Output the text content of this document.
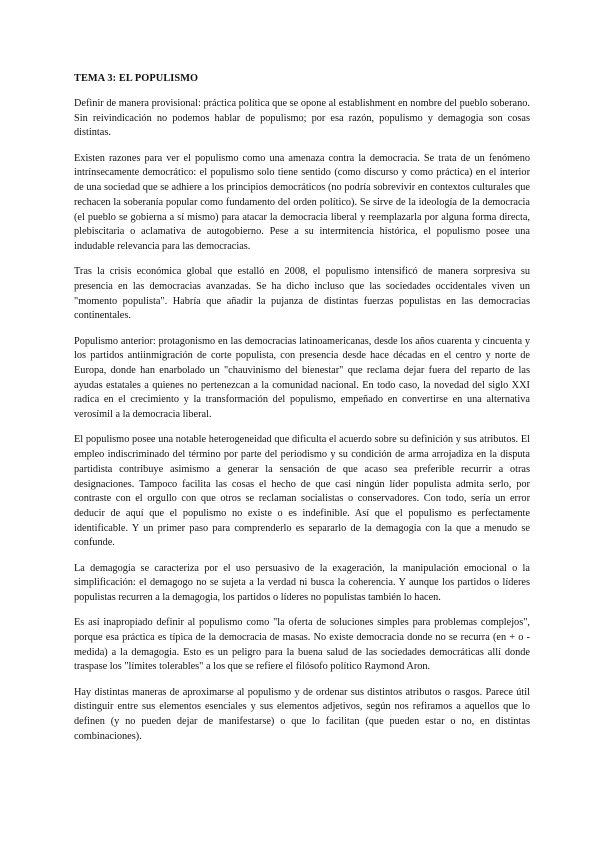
TEMA 3: EL POPULISMO

Definir de manera provisional: práctica política que se opone al establishment en nombre del pueblo soberano. Sin reivindicación no podemos hablar de populismo; por esa razón, populismo y demagogia son cosas distintas.

Existen razones para ver el populismo como una amenaza contra la democracia. Se trata de un fenómeno intrínsecamente democrático: el populismo solo tiene sentido (como discurso y como práctica) en el interior de una sociedad que se adhiere a los principios democráticos (no podría sobrevivir en contextos culturales que rechacen la soberanía popular como fundamento del orden político). Se sirve de la ideología de la democracia (el pueblo se gobierna a sí mismo) para atacar la democracia liberal y reemplazarla por alguna forma directa, plebiscitaria o aclamativa de autogobierno. Pese a su intermitencia histórica, el populismo posee una indudable relevancia para las democracias.

Tras la crisis económica global que estalló en 2008, el populismo intensificó de manera sorpresiva su presencia en las democracias avanzadas. Se ha dicho incluso que las sociedades occidentales viven un "momento populista". Habría que añadir la pujanza de distintas fuerzas populistas en las democracias continentales.

Populismo anterior: protagonismo en las democracias latinoamericanas, desde los años cuarenta y cincuenta y los partidos antiinmigración de corte populista, con presencia desde hace décadas en el centro y norte de Europa, donde han enarbolado un "chauvinismo del bienestar" que reclama dejar fuera del reparto de las ayudas estatales a quienes no pertenezcan a la comunidad nacional. En todo caso, la novedad del siglo XXI radica en el crecimiento y la transformación del populismo, empeñado en convertirse en una alternativa verosímil a la democracia liberal.

El populismo posee una notable heterogeneidad que dificulta el acuerdo sobre su definición y sus atributos. El empleo indiscriminado del término por parte del periodismo y su condición de arma arrojadiza en la disputa partidista contribuye asimismo a generar la sensación de que acaso sea preferible recurrir a otras designaciones. Tampoco facilita las cosas el hecho de que casi ningún líder populista admita serlo, por contraste con el orgullo con que otros se reclaman socialistas o conservadores. Con todo, sería un error deducir de aquí que el populismo no existe o es indefinible. Así que el populismo es perfectamente identificable. Y un primer paso para comprenderlo es separarlo de la demagogia con la que a menudo se confunde.

La demagogia se caracteriza por el uso persuasivo de la exageración, la manipulación emocional o la simplificación: el demagogo no se sujeta a la verdad ni busca la coherencia. Y aunque los partidos o líderes populistas recurren a la demagogia, los partidos o líderes no populistas también lo hacen.

Es así inapropiado definir al populismo como "la oferta de soluciones simples para problemas complejos", porque esa práctica es típica de la democracia de masas. No existe democracia donde no se recurra (en + o - medida) a la demagogia. Esto es un peligro para la buena salud de las sociedades democráticas allí donde traspase los "límites tolerables" a los que se refiere el filósofo político Raymond Aron.

Hay distintas maneras de aproximarse al populismo y de ordenar sus distintos atributos o rasgos. Parece útil distinguir entre sus elementos esenciales y sus elementos adjetivos, según nos refiramos a aquellos que lo definen (y no pueden dejar de manifestarse) o que lo facilitan (que pueden estar o no, en distintas combinaciones).
